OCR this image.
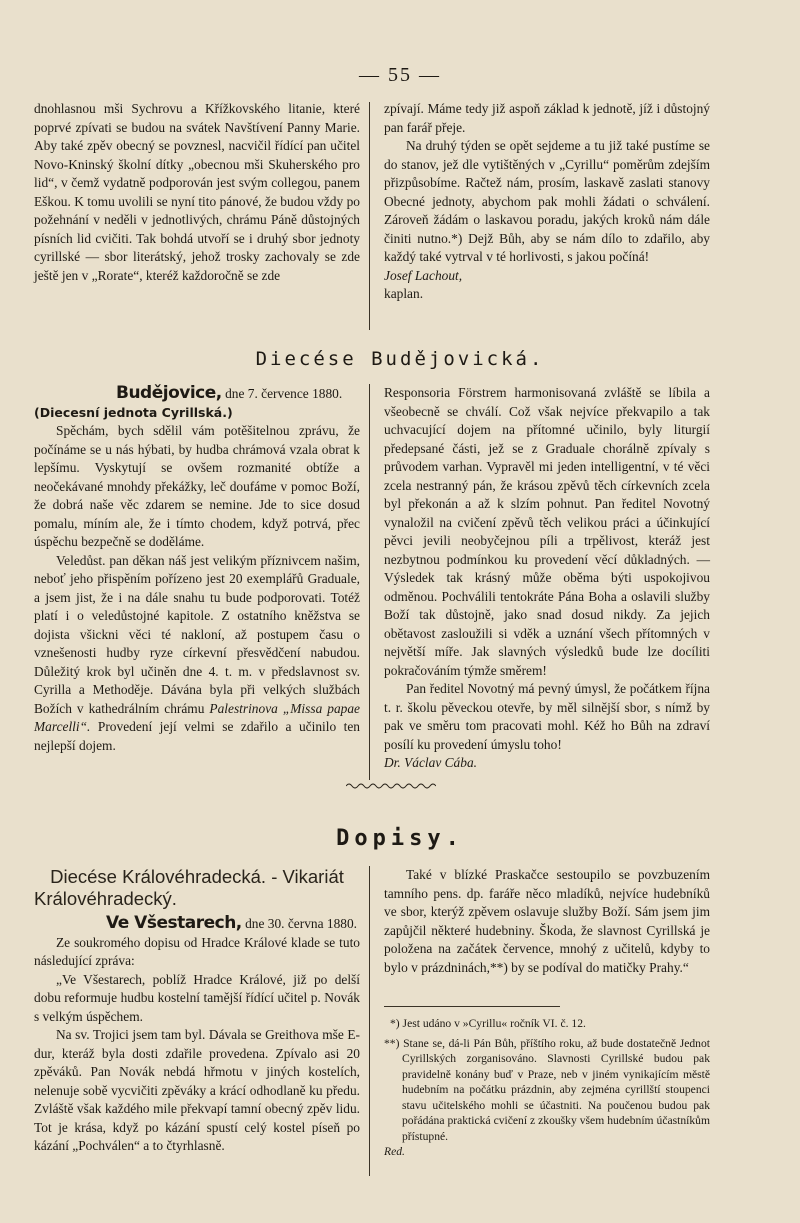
— 55 —

dnohlasnou mši Sychrovu a Křížkovského litanie, které poprvé zpívati se budou na svátek Navštívení Panny Marie. Aby také zpěv obecný se povznesl, nacvičil řídící pan učitel Novo-Kninský školní dítky „obecnou mši Skuherského pro lid“, v čemž vydatně podporován jest svým collegou, panem Eškou. K tomu uvolili se nyní tito pánové, že budou vždy po požehnání v neděli v jednotlivých, chrámu Páně důstojných písních lid cvičiti. Tak bohdá utvoří se i druhý sbor jednoty cyrillské — sbor literátský, jehož trosky zachovaly se zde ještě jen v „Rorate“, kteréž každoročně se zde

zpívají. Máme tedy již aspoň základ k jednotě, jíž i důstojný pan farář přeje.

Na druhý týden se opět sejdeme a tu již také pustíme se do stanov, jež dle vytištěných v „Cyrillu“ poměrům zdejším přizpůsobíme. Račtež nám, prosím, laskavě zaslati stanovy Obecné jednoty, abychom pak mohli žádati o schválení. Zároveň žádám o laskavou poradu, jakých kroků nám dále činiti nutno.*) Dejž Bůh, aby se nám dílo to zdařilo, aby každý také vytrval v té horlivosti, s jakou počíná!

Josef Lachout,

kaplan.

Diecése Budějovická.

Budějovice, dne 7. července 1880.

(Diecesní jednota Cyrillská.)

Spěchám, bych sdělil vám potěšitelnou zprávu, že počínáme se u nás hýbati, by hudba chrámová vzala obrat k lepšímu. Vyskytují se ovšem rozmanité obtíže a neočekávané mnohdy překážky, leč doufáme v pomoc Boží, že dobrá naše věc zdarem se nemine. Jde to sice dosud pomalu, míním ale, že i tímto chodem, když potrvá, přec úspěchu bezpečně se doděláme.

Veledůst. pan děkan náš jest velikým příznivcem našim, neboť jeho přispěním pořízeno jest 20 exemplářů Graduale, a jsem jist, že i na dále snahu tu bude podporovati. Totéž platí i o veledůstojné kapitole. Z ostatního kněžstva se dojista všickni věci té nakloní, až postupem času o vznešenosti hudby ryze církevní přesvědčení nabudou. Důležitý krok byl učiněn dne 4. t. m. v předslavnost sv. Cyrilla a Methoděje. Dávána byla při velkých službách Božích v kathedrálním chrámu Palestrinova „Missa papae Marcelli“. Provedení její velmi se zdařilo a učinilo ten nejlepší dojem.

Responsoria Förstrem harmonisovaná zvláště se líbila a všeobecně se chválí. Což však nejvíce překvapilo a tak uchvacující dojem na přítomné učinilo, byly liturgií předepsané části, jež se z Graduale chorálně zpívaly s průvodem varhan. Vypravěl mi jeden intelligentní, v té věci zcela nestranný pán, že krásou zpěvů těch církevních zcela byl překonán a až k slzím pohnut. Pan ředitel Novotný vynaložil na cvičení zpěvů těch velikou práci a účinkující pěvci jevili neobyčejnou píli a trpělivost, kteráž jest nezbytnou podmínkou ku provedení věcí důkladných. — Výsledek tak krásný může oběma býti uspokojivou odměnou. Pochválili tentokráte Pána Boha a oslavili služby Boží tak důstojně, jako snad dosud nikdy. Za jejich obětavost zasloužili si vděk a uznání všech přítomných v největší míře. Jak slavných výsledků bude lze docíliti pokračováním týmže směrem!

Pan ředitel Novotný má pevný úmysl, že počátkem října t. r. školu pěveckou otevře, by měl silnější sbor, s nímž by pak ve směru tom pracovati mohl. Kéž ho Bůh na zdraví posílí ku provedení úmyslu toho!

Dr. Václav Cába.

Dopisy.

Diecése Královéhradecká. - Vikariát Královéhradecký.

Ve Všestarech, dne 30. června 1880.

Ze soukromého dopisu od Hradce Králové klade se tuto následující zpráva:

„Ve Všestarech, poblíž Hradce Králové, již po delší dobu reformuje hudbu kostelní tamější řídící učitel p. Novák s velkým úspěchem.

Na sv. Trojici jsem tam byl. Dávala se Greithova mše E-dur, kteráž byla dosti zdařile provedena. Zpívalo asi 20 zpěváků. Pan Novák nebdá hřmotu v jiných kostelích, nelenuje sobě vycvičiti zpěváky a krácí odhodlaně ku předu. Zvláště však každého mile překvapí tamní obecný zpěv lidu. Tot je krása, když po kázání spustí celý kostel píseň po kázání „Pochválen“ a to čtyrhlasně.

Také v blízké Praskačce sestoupilo se povzbuzením tamního pens. dp. faráře něco mladíků, nejvíce hudebníků ve sbor, kterýž zpěvem oslavuje služby Boží. Sám jsem jim zapůjčil některé hudebniny. Škoda, že slavnost Cyrillská je položena na začátek července, mnohý z učitelů, kdyby to bylo v prázdninách,**) by se podíval do matičky Prahy.“

*) Jest udáno v »Cyrillu« ročník VI. č. 12.

**) Stane se, dá-li Pán Bůh, příštího roku, až bude dostatečně Jednot Cyrillských zorganisováno. Slavnosti Cyrillské budou pak pravidelně konány buď v Praze, neb v jiném vynikajícím městě hudebním na počátku prázdnin, aby zejména cyrillští stoupenci stavu učitelského mohli se účastniti. Na poučenou budou pak pořádána praktická cvičení z zkoušky všem hudebním účastníkům přístupné.

Red.
